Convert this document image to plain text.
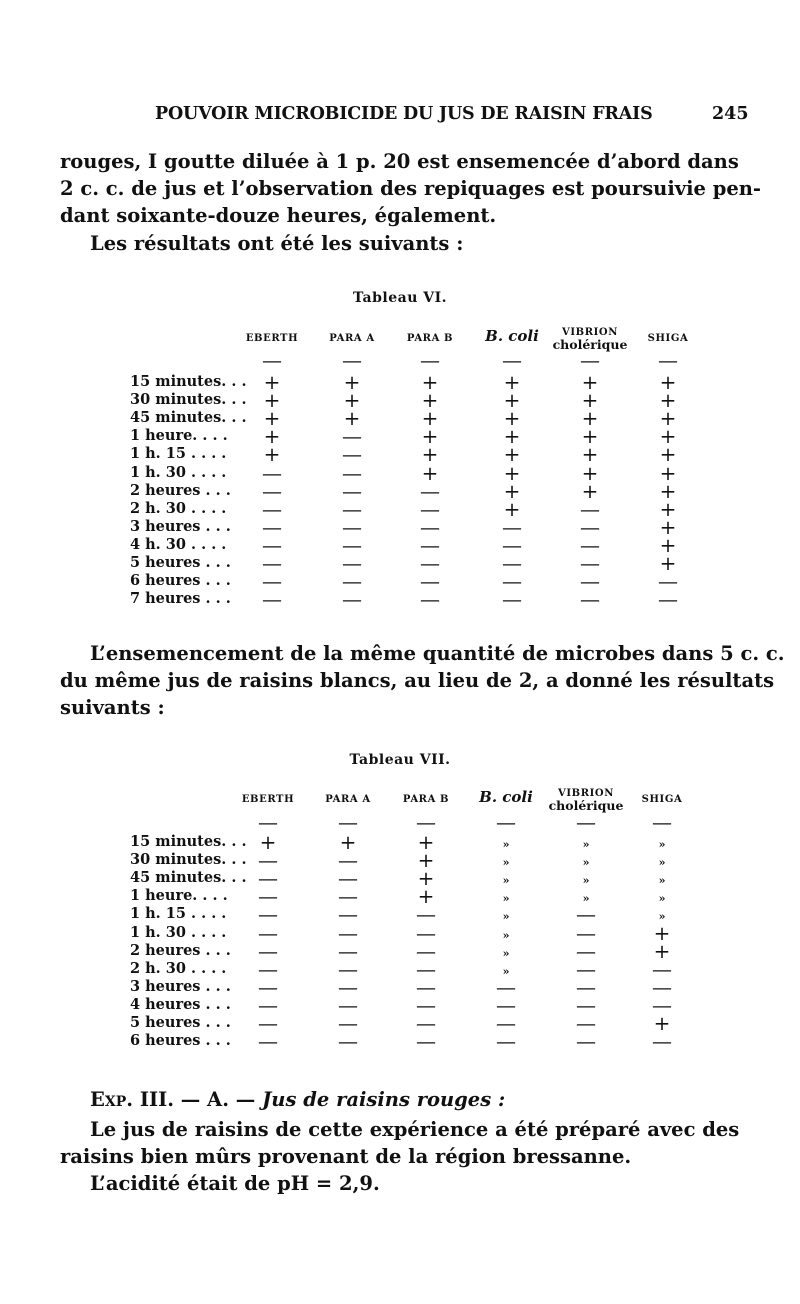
POUVOIR MICROBICIDE DU JUS DE RAISIN FRAIS	245
rouges, I goutte diluée à 1 p. 20 est ensemencée d’abord dans
2 c. c. de jus et l’observation des repiquages est poursuivie pen-
dant soixante-douze heures, également.
Les résultats ont été les suivants :
Tableau VI.
EBERTH	PARA A	PARA B	B. coli	VIBRION
cholérique	SHIGA
—	—	—	—	—	—
15 minutes. . . +	+	+	+	+	+
30 minutes. . . +	+	+	+	+	+
45 minutes. . . +	+	+	+	+	+
1 heure. . . .	+	—	+	+	+	+
1 h. 15 . . . .	+	—	+	+	+	+
1 h. 30 . . . .	—	—	+	+	+	+
2 heures . . .	—	—	—	+	+	+
2 h. 30 . . . .	—	—	—	+	—	+
3 heures . . .	—	—	—	—	—	+
4 h. 30 . . . .	—	—	—	—	—	+
5 heures . . .	—	—	—	—	—	+
6 heures . . .	—	—	—	—	—	—
7 heures . . .	—	—	—	—	—	—
L’ensemencement de la même quantité de microbes dans 5 c. c.
du même jus de raisins blancs, au lieu de 2, a donné les résultats
suivants :
Tableau VII.
EBERTH	PARA A	PARA B	B. coli	VIBRION
cholérique	SHIGA
—	—	—	—	—	—
15 minutes. . . +	+	+	»	»	»
30 minutes. . . —	—	+	»	»	»
45 minutes. . . —	—	+	»	»	»
1 heure. . . .	—	—	+	»	»	»
1 h. 15 . . . .	—	—	—	»	—	»
1 h. 30 . . . .	—	—	—	»	—	+
2 heures . . .	—	—	—	»	—	+
2 h. 30 . . . .	—	—	—	»	—	—
3 heures . . .	—	—	—	—	—	—
4 heures . . .	—	—	—	—	—	—
5 heures . . .	—	—	—	—	—	+
6 heures . . .	—	—	—	—	—	—
Exp. III. — A. — Jus de raisins rouges :
Le jus de raisins de cette expérience a été préparé avec des
raisins bien mûrs provenant de la région bressanne.
L’acidité était de pH = 2,9.
